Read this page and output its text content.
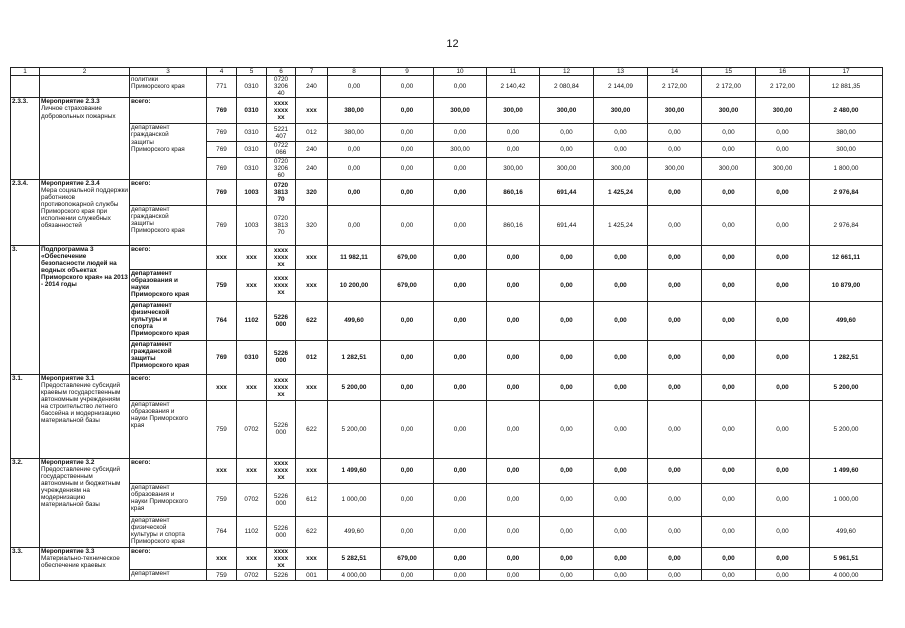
12
1	2	3	4	5	6	7	8	9	10	11	12	13	14	15	16	17
		политики
Приморского края	771	0310	0720
3206
40	240	0,00	0,00	0,00	2 140,42	2 080,84	2 144,09	2 172,00	2 172,00	2 172,00	12 881,35
2.3.3.	Мероприятие 2.3.3
Личное страхование добровольных пожарных	всего:	769	0310	хххх
хххх
хх	ххх	380,00	0,00	300,00	300,00	300,00	300,00	300,00	300,00	300,00	2 480,00
		департамент
гражданской
защиты
Приморского края	769	0310	5221
407	012	380,00	0,00	0,00	0,00	0,00	0,00	0,00	0,00	0,00	380,00
			769	0310	0722
066	240	0,00	0,00	300,00	0,00	0,00	0,00	0,00	0,00	0,00	300,00
			769	0310	0720
3206
60	240	0,00	0,00	0,00	300,00	300,00	300,00	300,00	300,00	300,00	1 800,00
2.3.4.	Мероприятие 2.3.4
Мера социальной поддержки работников противопожарной службы Приморского края при исполнении служебных обязанностей	всего:	769	1003	0720
3813
70	320	0,00	0,00	0,00	860,16	691,44	1 425,24	0,00	0,00	0,00	2 976,84
		департамент
гражданской
защиты
Приморского края	769	1003	0720
3813
70	320	0,00	0,00	0,00	860,16	691,44	1 425,24	0,00	0,00	0,00	2 976,84
3.	Подпрограмма 3 «Обеспечение безопасности людей на водных объектах Приморского края» на 2013 - 2014 годы	всего:	ххх	ххх	хххх
хххх
хх	ххх	11 982,11	679,00	0,00	0,00	0,00	0,00	0,00	0,00	0,00	12 661,11
		департамент
образования и
науки
Приморского края	759	ххх	хххх
хххх
хх	ххх	10 200,00	679,00	0,00	0,00	0,00	0,00	0,00	0,00	0,00	10 879,00
		департамент
физической
культуры и
спорта
Приморского края	764	1102	5226
000	622	499,60	0,00	0,00	0,00	0,00	0,00	0,00	0,00	0,00	499,60
		департамент
гражданской
защиты
Приморского края	769	0310	5226
000	012	1 282,51	0,00	0,00	0,00	0,00	0,00	0,00	0,00	0,00	1 282,51
3.1.	Мероприятие 3.1
Предоставление субсидий краевым государственным автономным учреждениям на строительство летнего бассейна и модернизацию материальной базы	всего:	ххх	ххх	хххх
хххх
хх	ххх	5 200,00	0,00	0,00	0,00	0,00	0,00	0,00	0,00	0,00	5 200,00
		департамент
образования и
науки Приморского
края	759	0702	5226
000	622	5 200,00	0,00	0,00	0,00	0,00	0,00	0,00	0,00	0,00	5 200,00
3.2.	Мероприятие 3.2
Предоставление субсидий государственным автономным и бюджетным учреждениям на модернизацию материальной базы	всего:	ххх	ххх	хххх
хххх
хх	ххх	1 499,60	0,00	0,00	0,00	0,00	0,00	0,00	0,00	0,00	1 499,60
		департамент
образования и
науки Приморского
края	759	0702	5226
000	612	1 000,00	0,00	0,00	0,00	0,00	0,00	0,00	0,00	0,00	1 000,00
		департамент
физической
культуры и спорта
Приморского края	764	1102	5226
000	622	499,60	0,00	0,00	0,00	0,00	0,00	0,00	0,00	0,00	499,60
3.3.	Мероприятие 3.3
Материально-техническое обеспечение краевых	всего:	ххх	ххх	хххх
хххх
хх	ххх	5 282,51	679,00	0,00	0,00	0,00	0,00	0,00	0,00	0,00	5 961,51
		департамент	759	0702	5226	001	4 000,00	0,00	0,00	0,00	0,00	0,00	0,00	0,00	0,00	4 000,00
